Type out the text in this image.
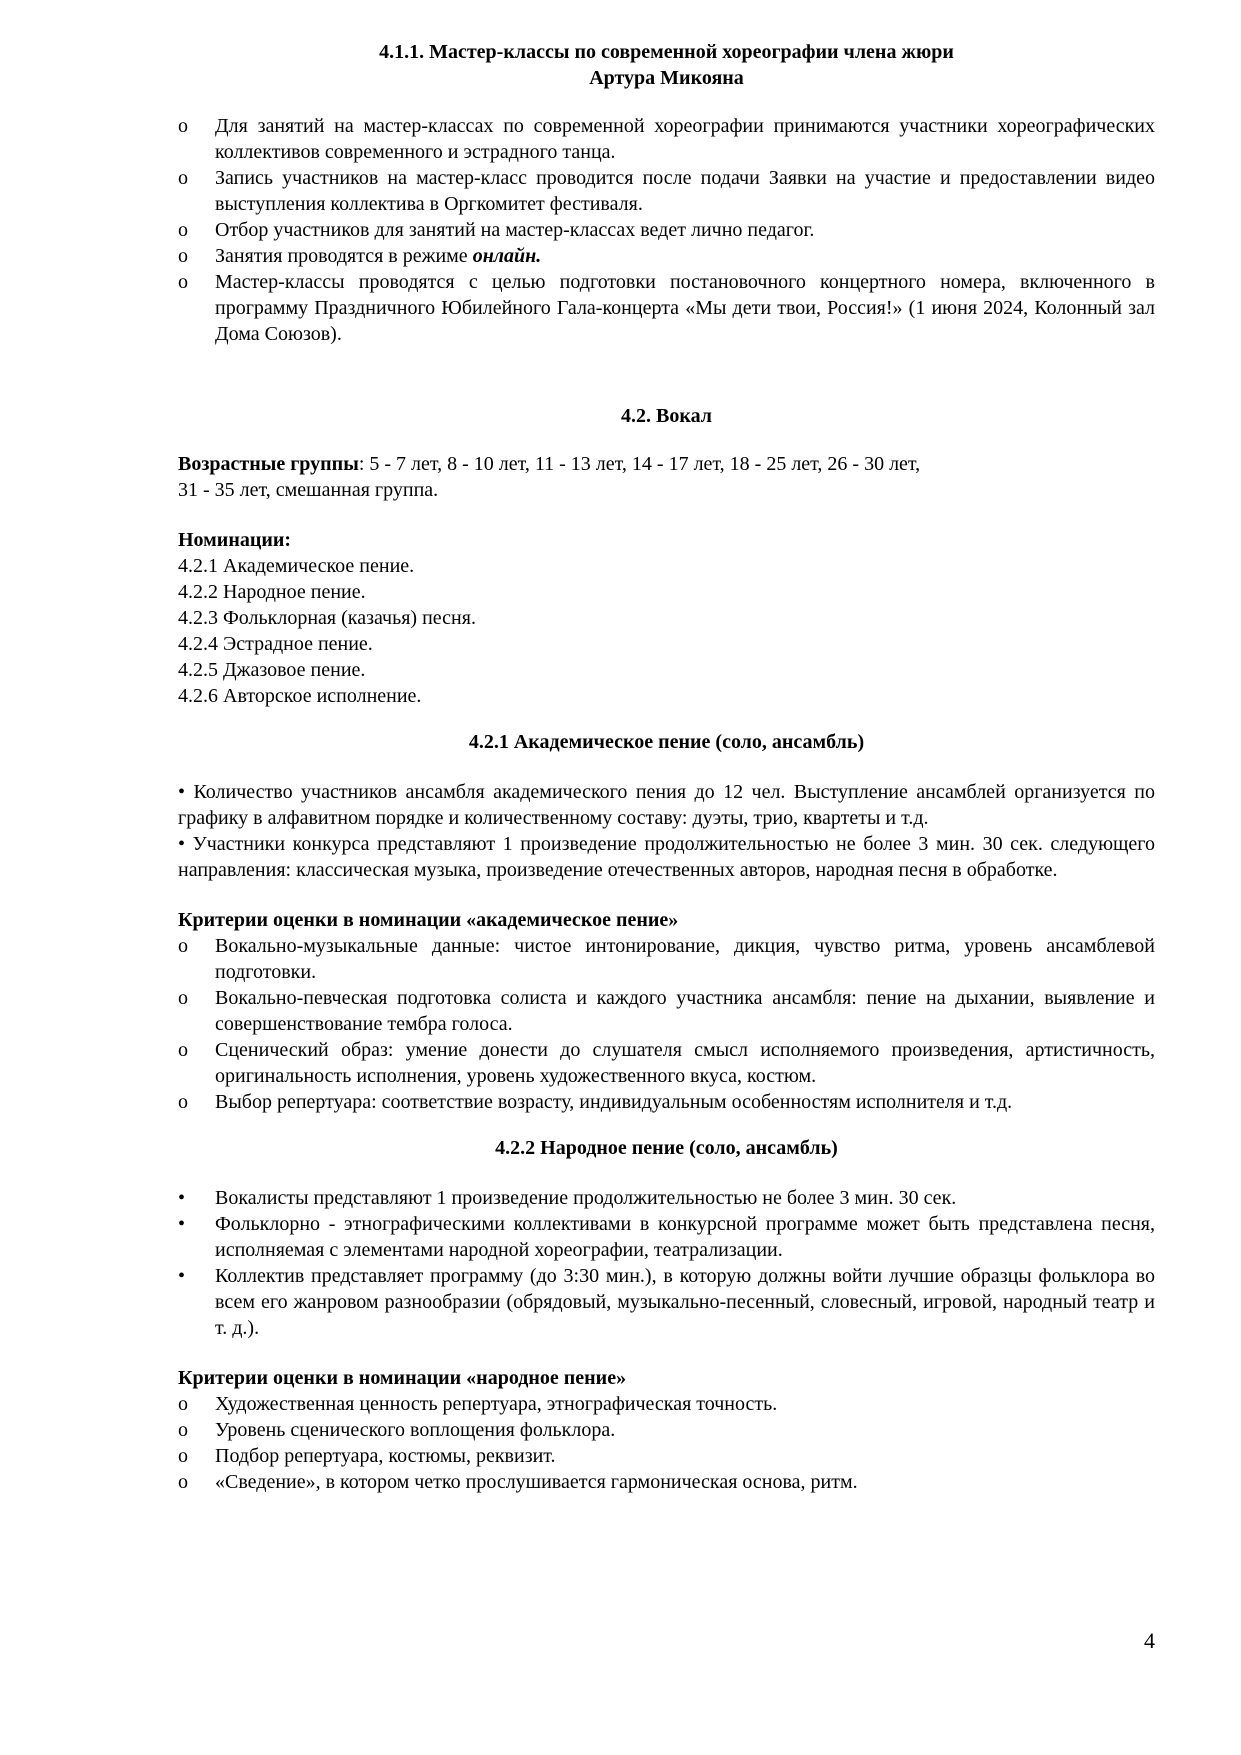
4.1.1. Мастер-классы по современной хореографии члена жюри

Артура Микояна

o Для занятий на мастер-классах по современной хореографии принимаются участники хореографических коллективов современного и эстрадного танца.
o Запись участников на мастер-класс проводится после подачи Заявки на участие и предоставлении видео выступления коллектива в Оргкомитет фестиваля.
o Отбор участников для занятий на мастер-классах ведет лично педагог.
o Занятия проводятся в режиме онлайн.
o Мастер-классы проводятся с целью подготовки постановочного концертного номера, включенного в программу Праздничного Юбилейного Гала-концерта «Мы дети твои, Россия!» (1 июня 2024, Колонный зал Дома Союзов).

4.2. Вокал

Возрастные группы: 5 - 7 лет, 8 - 10 лет, 11 - 13 лет, 14 - 17 лет, 18 - 25 лет, 26 - 30 лет,

31 - 35 лет, смешанная группа.

Номинации:

4.2.1 Академическое пение.

4.2.2 Народное пение.

4.2.3 Фольклорная (казачья) песня.

4.2.4 Эстрадное пение.

4.2.5 Джазовое пение.

4.2.6 Авторское исполнение.

4.2.1 Академическое пение (соло, ансамбль)

• Количество участников ансамбля академического пения до 12 чел. Выступление ансамблей организуется по графику в алфавитном порядке и количественному составу: дуэты, трио, квартеты и т.д.

• Участники конкурса представляют 1 произведение продолжительностью не более 3 мин. 30 сек. следующего направления: классическая музыка, произведение отечественных авторов, народная песня в обработке.

Критерии оценки в номинации «академическое пение»

o Вокально-музыкальные данные: чистое интонирование, дикция, чувство ритма, уровень ансамблевой подготовки.
o Вокально-певческая подготовка солиста и каждого участника ансамбля: пение на дыхании, выявление и совершенствование тембра голоса.
o Сценический образ: умение донести до слушателя смысл исполняемого произведения, артистичность, оригинальность исполнения, уровень художественного вкуса, костюм.
o Выбор репертуара: соответствие возрасту, индивидуальным особенностям исполнителя и т.д.

4.2.2 Народное пение (соло, ансамбль)

• Вокалисты представляют 1 произведение продолжительностью не более 3 мин. 30 сек.
• Фольклорно - этнографическими коллективами в конкурсной программе может быть представлена песня, исполняемая с элементами народной хореографии, театрализации.
• Коллектив представляет программу (до 3:30 мин.), в которую должны войти лучшие образцы фольклора во всем его жанровом разнообразии (обрядовый, музыкально-песенный, словесный, игровой, народный театр и т. д.).

Критерии оценки в номинации «народное пение»

o Художественная ценность репертуара, этнографическая точность.
o Уровень сценического воплощения фольклора.
o Подбор репертуара, костюмы, реквизит.
o «Сведение», в котором четко прослушивается гармоническая основа, ритм.
4
